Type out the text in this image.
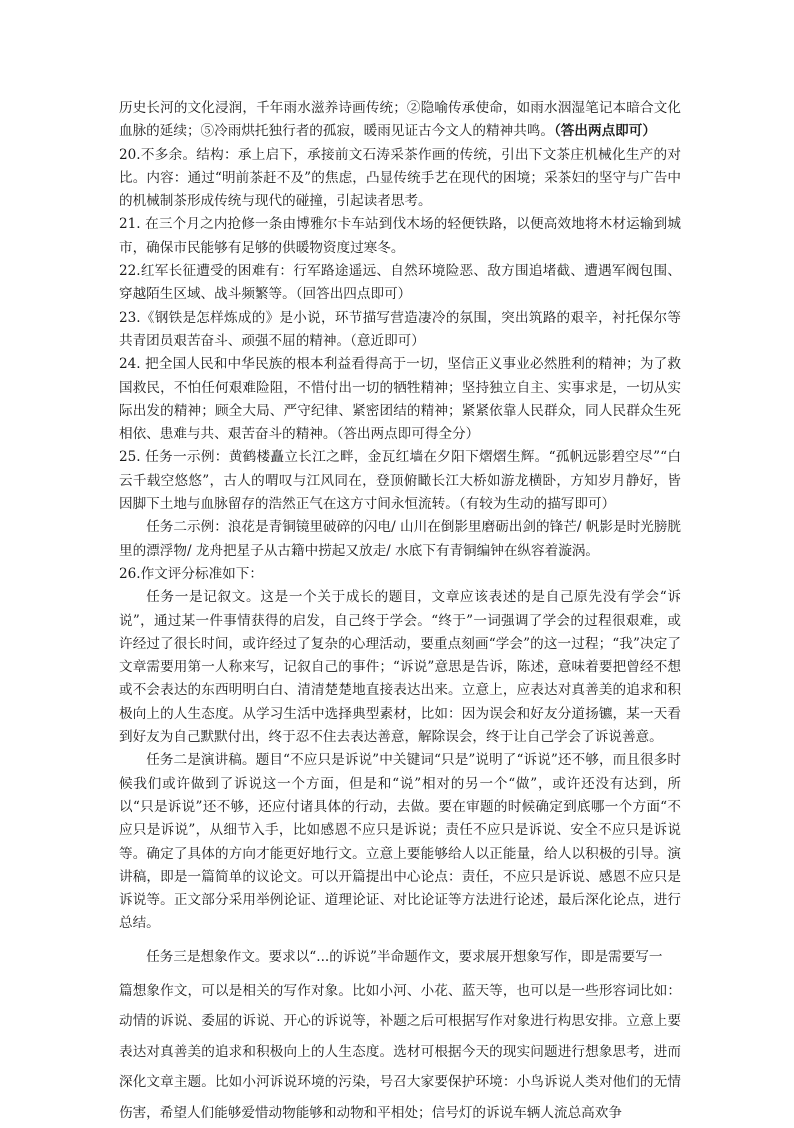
历史长河的文化浸润，千年雨水滋养诗画传统；②隐喻传承使命，如雨水洇湿笔记本暗合文化血脉的延续；⑤冷雨烘托独行者的孤寂，暖雨见证古今文人的精神共鸣。（答出两点即可）

20.不多余。结构：承上启下，承接前文石涛采茶作画的传统，引出下文茶庄机械化生产的对比。内容：通过“明前茶赶不及”的焦虑，凸显传统手艺在现代的困境；采茶妇的坚守与广告中的机械制茶形成传统与现代的碰撞，引起读者思考。

21. 在三个月之内抢修一条由博雅尔卡车站到伐木场的轻便铁路，以便高效地将木材运输到城市，确保市民能够有足够的供暖物资度过寒冬。

22.红军长征遭受的困难有：行军路途遥远、自然环境险恶、敌方围追堵截、遭遇军阀包围、穿越陌生区域、战斗频繁等。（回答出四点即可）

23.《钢铁是怎样炼成的》是小说，环节描写营造凄冷的氛围，突出筑路的艰辛，衬托保尔等共青团员艰苦奋斗、顽强不屈的精神。（意近即可）

24. 把全国人民和中华民族的根本利益看得高于一切，坚信正义事业必然胜利的精神；为了救国救民，不怕任何艰难险阻，不惜付出一切的牺牲精神；坚持独立自主、实事求是，一切从实际出发的精神；顾全大局、严守纪律、紧密团结的精神；紧紧依靠人民群众，同人民群众生死相依、患难与共、艰苦奋斗的精神。（答出两点即可得全分）

25. 任务一示例：黄鹤楼矗立长江之畔，金瓦红墙在夕阳下熠熠生辉。“孤帆远影碧空尽”“白云千载空悠悠”，古人的喟叹与江风同在，登顶俯瞰长江大桥如游龙横卧，方知岁月静好，皆因脚下土地与血脉留存的浩然正气在这方寸间永恒流转。（有较为生动的描写即可）

任务二示例：浪花是青铜镜里破碎的闪电/ 山川在倒影里磨砺出剑的锋芒/ 帆影是时光膀胱里的漂浮物/ 龙舟把星子从古籍中捞起又放走/ 水底下有青铜编钟在纵容着漩涡。

26.作文评分标准如下：

任务一是记叙文。这是一个关于成长的题目，文章应该表述的是自己原先没有学会“诉说”，通过某一件事情获得的启发，自己终于学会。“终于”一词强调了学会的过程很艰难，或许经过了很长时间，或许经过了复杂的心理活动，要重点刻画“学会”的这一过程；“我”决定了文章需要用第一人称来写，记叙自己的事件；“诉说”意思是告诉，陈述，意味着要把曾经不想或不会表达的东西明明白白、清清楚楚地直接表达出来。立意上，应表达对真善美的追求和积极向上的人生态度。从学习生活中选择典型素材，比如：因为误会和好友分道扬镳，某一天看到好友为自己默默付出，终于忍不住去表达善意，解除误会，终于让自己学会了诉说善意。

任务二是演讲稿。题目“不应只是诉说”中关键词“只是”说明了“诉说”还不够，而且很多时候我们或许做到了诉说这一个方面，但是和“说”相对的另一个“做”，或许还没有达到，所以“只是诉说”还不够，还应付诸具体的行动，去做。要在审题的时候确定到底哪一个方面“不应只是诉说”，从细节入手，比如感恩不应只是诉说；责任不应只是诉说、安全不应只是诉说等。确定了具体的方向才能更好地行文。立意上要能够给人以正能量，给人以积极的引导。演讲稿，即是一篇简单的议论文。可以开篇提出中心论点：责任，不应只是诉说、感恩不应只是诉说等。正文部分采用举例论证、道理论证、对比论证等方法进行论述，最后深化论点，进行总结。

任务三是想象作文。要求以“...的诉说”半命题作文，要求展开想象写作，即是需要写一

篇想象作文，可以是相关的写作对象。比如小河、小花、蓝天等，也可以是一些形容词比如：动情的诉说、委屈的诉说、开心的诉说等，补题之后可根据写作对象进行构思安排。立意上要表达对真善美的追求和积极向上的人生态度。选材可根据今天的现实问题进行想象思考，进而深化文章主题。比如小河诉说环境的污染，号召大家要保护环境：小鸟诉说人类对他们的无情伤害，希望人们能够爱惜动物能够和动物和平相处；信号灯的诉说车辆人流总高欢争
